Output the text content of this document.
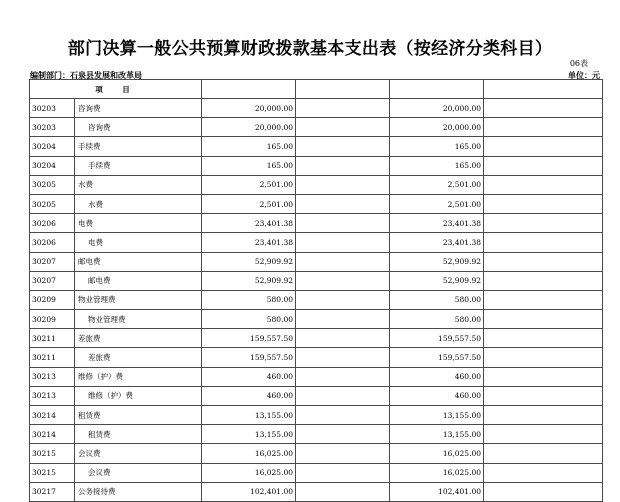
部门决算一般公共预算财政拨款基本支出表（按经济分类科目）
06表
编制部门：石泉县发展和改革局	单位：元
项　目					
30203	咨询费	20,000.00		20,000.00	
30203	咨询费	20,000.00		20,000.00	
30204	手续费	165.00		165.00	
30204	手续费	165.00		165.00	
30205	水费	2,501.00		2,501.00	
30205	水费	2,501.00		2,501.00	
30206	电费	23,401.38		23,401.38	
30206	电费	23,401.38		23,401.38	
30207	邮电费	52,909.92		52,909.92	
30207	邮电费	52,909.92		52,909.92	
30209	物业管理费	580.00		580.00	
30209	物业管理费	580.00		580.00	
30211	差旅费	159,557.50		159,557.50	
30211	差旅费	159,557.50		159,557.50	
30213	维修（护）费	460.00		460.00	
30213	维修（护）费	460.00		460.00	
30214	租赁费	13,155.00		13,155.00	
30214	租赁费	13,155.00		13,155.00	
30215	会议费	16,025.00		16,025.00	
30215	会议费	16,025.00		16,025.00	
30217	公务接待费	102,401.00		102,401.00	
